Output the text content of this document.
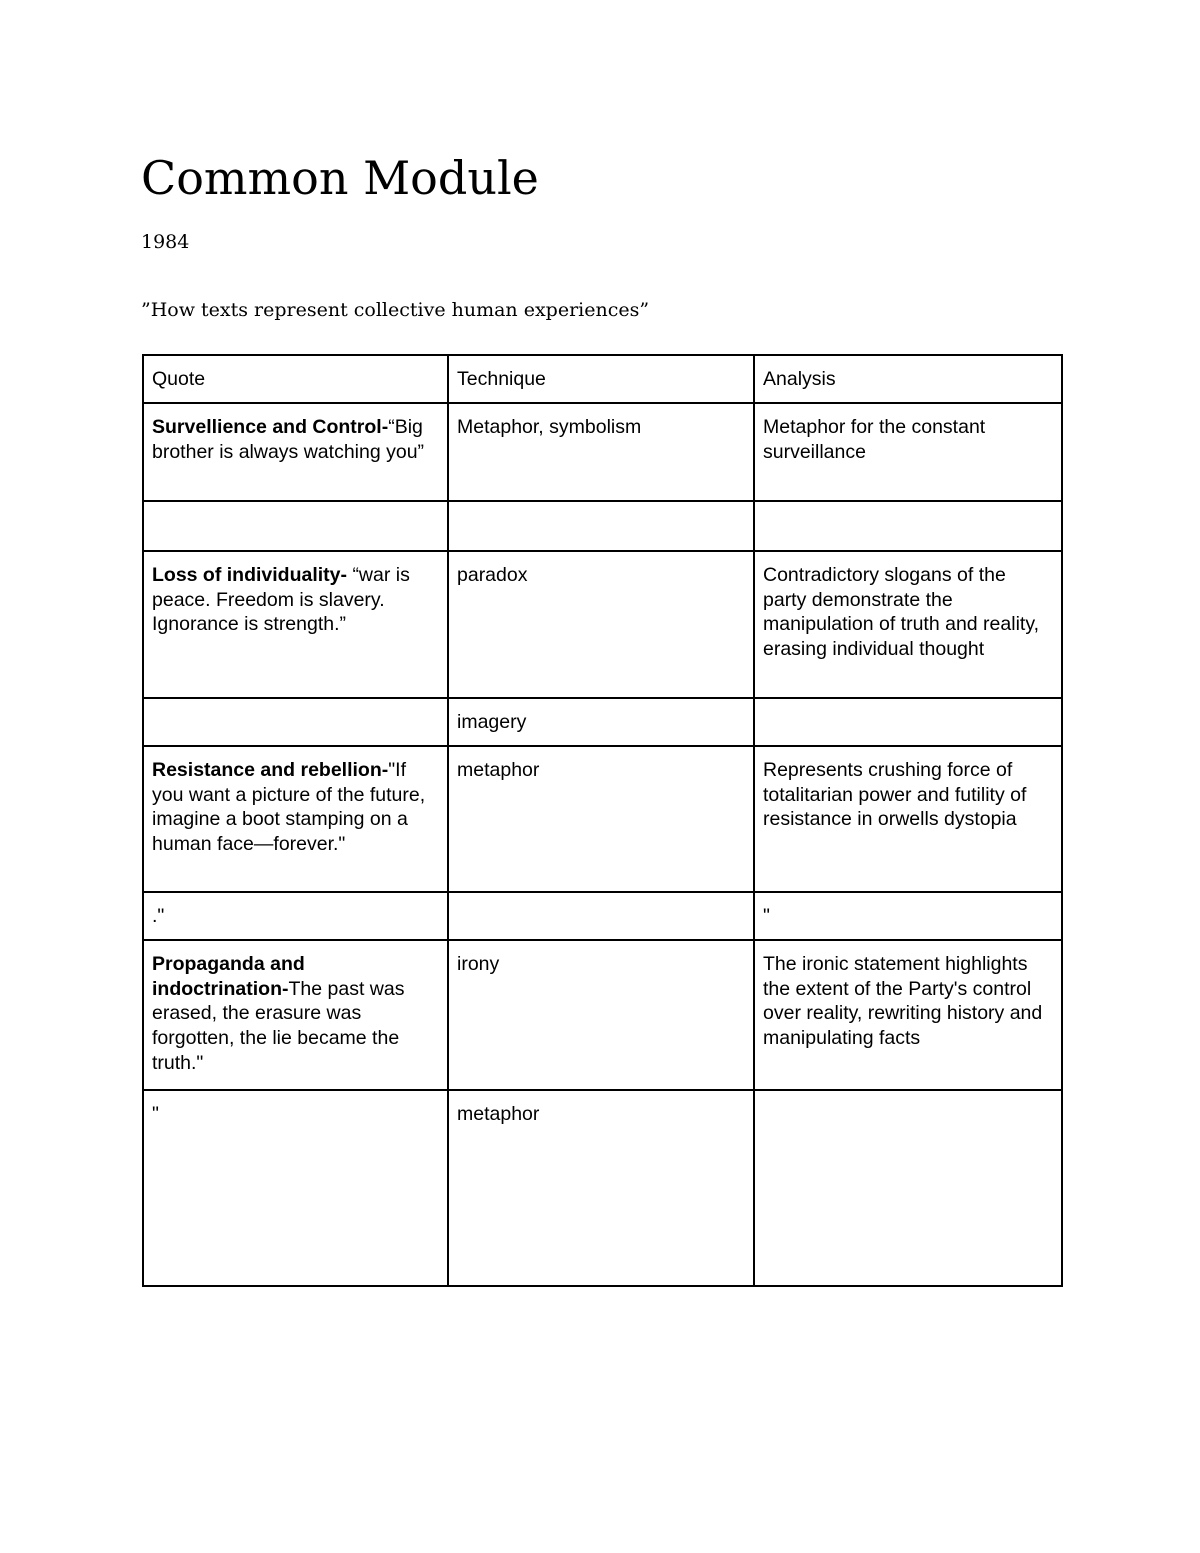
Common Module

1984

”How texts represent collective human experiences”

Quote	Technique	Analysis
Survellience and Control-“Big brother is always watching you”	Metaphor, symbolism	Metaphor for the constant surveillance

Loss of individuality- “war is peace. Freedom is slavery. Ignorance is strength.”	paradox	Contradictory slogans of the party demonstrate the manipulation of truth and reality, erasing individual thought
	imagery	
Resistance and rebellion-"If you want a picture of the future, imagine a boot stamping on a human face—forever."	metaphor	Represents crushing force of totalitarian power and futility of resistance in orwells dystopia
."		"
Propaganda and indoctrination-The past was erased, the erasure was forgotten, the lie became the truth."	irony	The ironic statement highlights the extent of the Party's control over reality, rewriting history and manipulating facts
"	metaphor	
